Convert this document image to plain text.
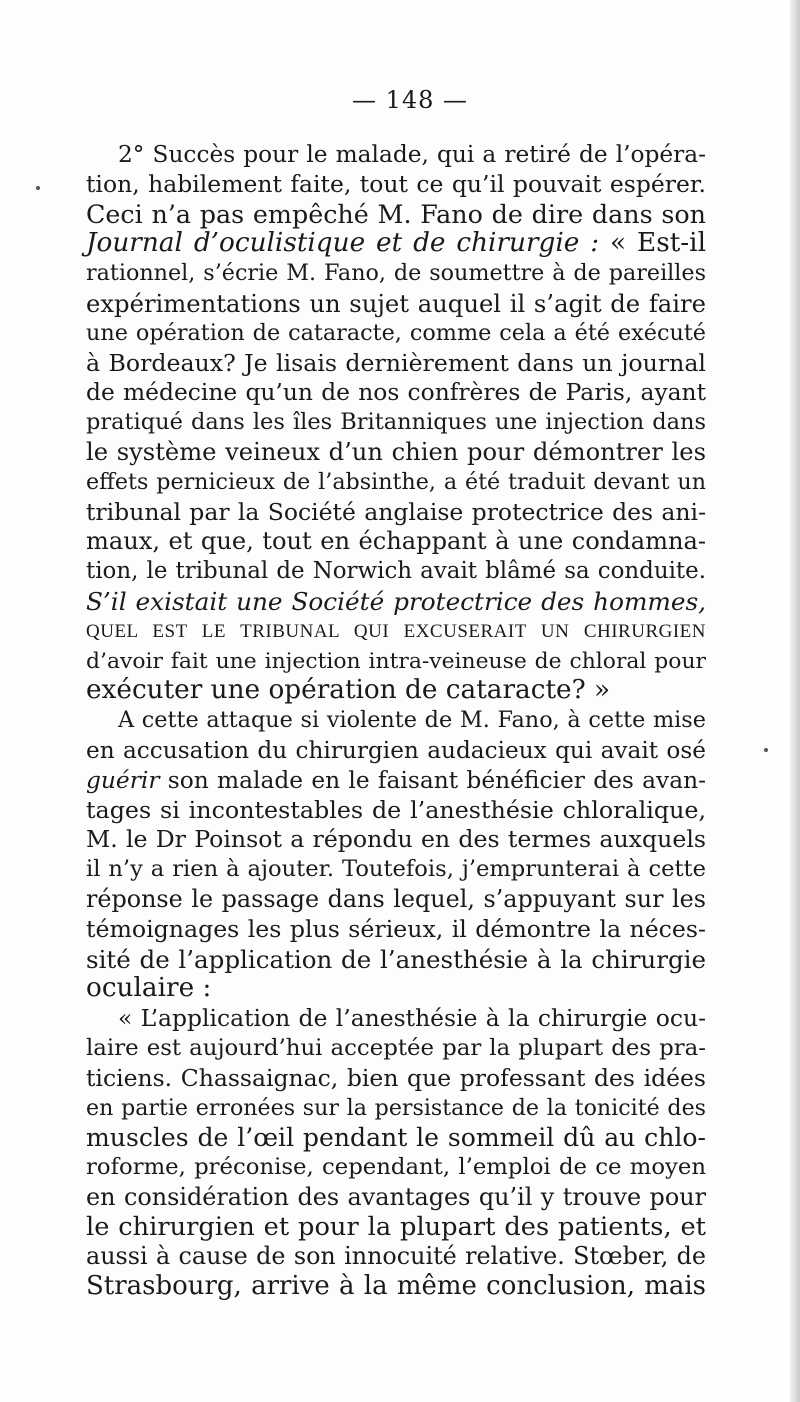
— 148 —
2° Succès pour le malade, qui a retiré de l’opéra-
tion, habilement faite, tout ce qu’il pouvait espérer.
Ceci n’a pas empêché M. Fano de dire dans son
Journal d’oculistique et de chirurgie : « Est-il
rationnel, s’écrie M. Fano, de soumettre à de pareilles
expérimentations un sujet auquel il s’agit de faire
une opération de cataracte, comme cela a été exécuté
à Bordeaux? Je lisais dernièrement dans un journal
de médecine qu’un de nos confrères de Paris, ayant
pratiqué dans les îles Britanniques une injection dans
le système veineux d’un chien pour démontrer les
effets pernicieux de l’absinthe, a été traduit devant un
tribunal par la Société anglaise protectrice des ani-
maux, et que, tout en échappant à une condamna-
tion, le tribunal de Norwich avait blâmé sa conduite.
S’il existait une Société protectrice des hommes,
QUEL EST LE TRIBUNAL QUI EXCUSERAIT UN CHIRURGIEN
d’avoir fait une injection intra-veineuse de chloral pour
exécuter une opération de cataracte? »
A cette attaque si violente de M. Fano, à cette mise
en accusation du chirurgien audacieux qui avait osé
guérir son malade en le faisant bénéficier des avan-
tages si incontestables de l’anesthésie chloralique,
M. le Dr Poinsot a répondu en des termes auxquels
il n’y a rien à ajouter. Toutefois, j’emprunterai à cette
réponse le passage dans lequel, s’appuyant sur les
témoignages les plus sérieux, il démontre la néces-
sité de l’application de l’anesthésie à la chirurgie
oculaire :
« L’application de l’anesthésie à la chirurgie ocu-
laire est aujourd’hui acceptée par la plupart des pra-
ticiens. Chassaignac, bien que professant des idées
en partie erronées sur la persistance de la tonicité des
muscles de l’œil pendant le sommeil dû au chlo-
roforme, préconise, cependant, l’emploi de ce moyen
en considération des avantages qu’il y trouve pour
le chirurgien et pour la plupart des patients, et
aussi à cause de son innocuité relative. Stœber, de
Strasbourg, arrive à la même conclusion, mais
